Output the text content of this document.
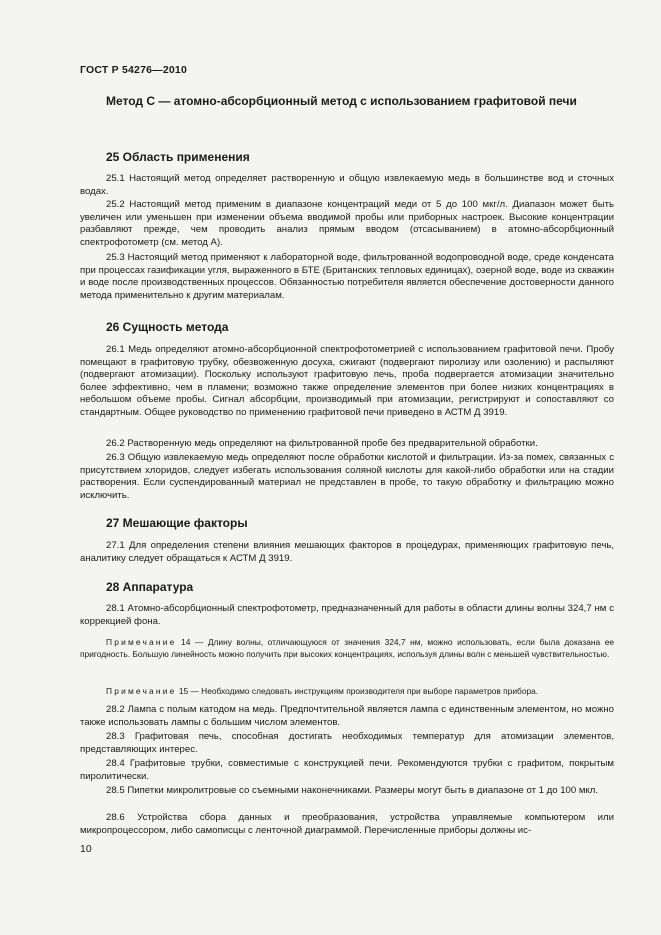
ГОСТ Р 54276—2010
Метод С — атомно-абсорбционный метод с использованием графитовой печи
25 Область применения

25.1 Настоящий метод определяет растворенную и общую извлекаемую медь в большинстве вод и сточных водах.

25.2 Настоящий метод применим в диапазоне концентраций меди от 5 до 100 мкг/л. Диапазон может быть увеличен или уменьшен при изменении объема вводимой пробы или приборных настроек. Высокие концентрации разбавляют прежде, чем проводить анализ прямым вводом (отсасыванием) в атомно-абсорбционный спектрофотометр (см. метод А).

25.3 Настоящий метод применяют к лабораторной воде, фильтрованной водопроводной воде, среде конденсата при процессах газификации угля, выраженного в БТЕ (Британских тепловых единицах), озерной воде, воде из скважин и воде после производственных процессов. Обязанностью потребителя является обеспечение достоверности данного метода применительно к другим материалам.

26 Сущность метода

26.1 Медь определяют атомно-абсорбционной спектрофотометрией с использованием графитовой печи. Пробу помещают в графитовую трубку, обезвоженную досуха, сжигают (подвергают пиролизу или озолению) и распыляют (подвергают атомизации). Поскольку используют графитовую печь, проба подвергается атомизации значительно более эффективно, чем в пламени; возможно также определение элементов при более низких концентрациях в небольшом объеме пробы. Сигнал абсорбции, производимый при атомизации, регистрируют и сопоставляют со стандартным. Общее руководство по применению графитовой печи приведено в АСТМ Д 3919.

26.2 Растворенную медь определяют на фильтрованной пробе без предварительной обработки.

26.3 Общую извлекаемую медь определяют после обработки кислотой и фильтрации. Из-за помех, связанных с присутствием хлоридов, следует избегать использования соляной кислоты для какой-либо обработки или на стадии растворения. Если суспендированный материал не представлен в пробе, то такую обработку и фильтрацию можно исключить.

27 Мешающие факторы

27.1 Для определения степени влияния мешающих факторов в процедурах, применяющих графитовую печь, аналитику следует обращаться к АСТМ Д 3919.

28 Аппаратура

28.1 Атомно-абсорбционный спектрофотометр, предназначенный для работы в области длины волны 324,7 нм с коррекцией фона.

Примечание 14 — Длину волны, отличающуюся от значения 324,7 нм, можно использовать, если была доказана ее пригодность. Большую линейность можно получить при высоких концентрациях, используя длины волн с меньшей чувствительностью.

Примечание 15 — Необходимо следовать инструкциям производителя при выборе параметров прибора.

28.2 Лампа с полым катодом на медь. Предпочтительной является лампа с единственным элементом, но можно также использовать лампы с большим числом элементов.

28.3 Графитовая печь, способная достигать необходимых температур для атомизации элементов, представляющих интерес.

28.4 Графитовые трубки, совместимые с конструкцией печи. Рекомендуются трубки с графитом, покрытым пиролитически.

28.5 Пипетки микролитровые со съемными наконечниками. Размеры могут быть в диапазоне от 1 до 100 мкл.

28.6 Устройства сбора данных и преобразования, устройства управляемые компьютером или микропроцессором, либо самописцы с ленточной диаграммой. Перечисленные приборы должны ис-

10
